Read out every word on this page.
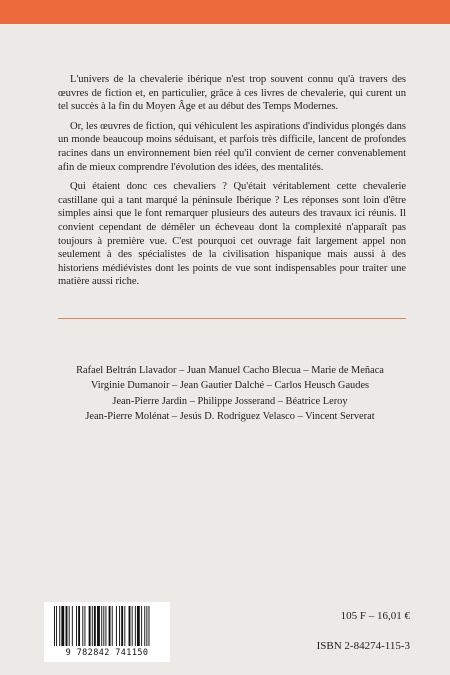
L'univers de la chevalerie ibérique n'est trop souvent connu qu'à travers des œuvres de fiction et, en particulier, grâce à ces livres de chevalerie, qui curent un tel succès à la fin du Moyen Âge et au début des Temps Modernes.

Or, les œuvres de fiction, qui véhiculent les aspirations d'individus plongés dans un monde beaucoup moins séduisant, et parfois très difficile, lancent de profondes racines dans un environnement bien réel qu'il convient de cerner convenablement afin de mieux comprendre l'évolution des idées, des mentalités.

Qui étaient donc ces chevaliers ? Qu'était véritablement cette chevalerie castillane qui a tant marqué la péninsule Ibérique ? Les réponses sont loin d'être simples ainsi que le font remarquer plusieurs des auteurs des travaux ici réunis. Il convient cependant de démêler un écheveau dont la complexité n'apparaît pas toujours à première vue. C'est pourquoi cet ouvrage fait largement appel non seulement à des spécialistes de la civilisation hispanique mais aussi à des historiens médiévistes dont les points de vue sont indispensables pour traiter une matière aussi riche.

Rafael Beltrán Llavador – Juan Manuel Cacho Blecua – Marie de Meñaca
Virginie Dumanoir – Jean Gautier Dalché – Carlos Heusch Gaudes
Jean-Pierre Jardin – Philippe Josserand – Béatrice Leroy
Jean-Pierre Molénat – Jesús D. Rodríguez Velasco – Vincent Serverat
9 782842 741150
105 F – 16,01 €
ISBN 2-84274-115-3
